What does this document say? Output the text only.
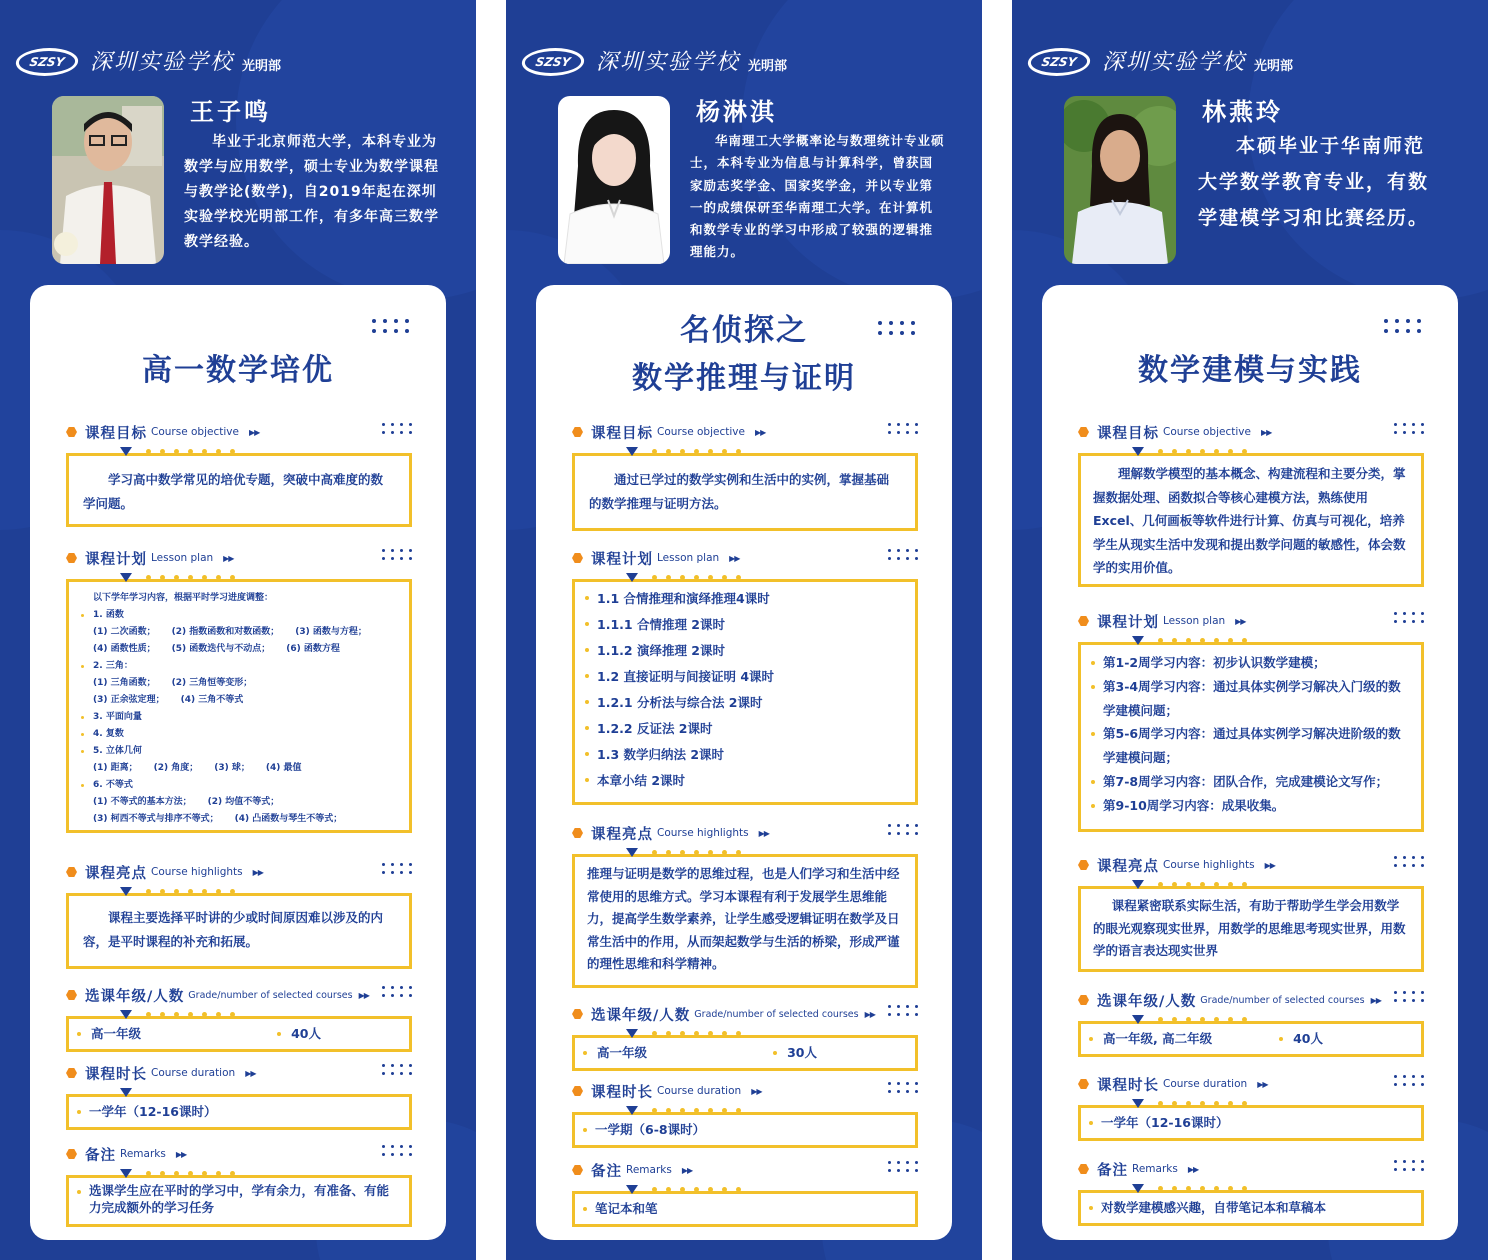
SZSY	深圳实验学校 光明部
王子鸣
毕业于北京师范大学，本科专业为数学与应用数学，硕士专业为数学课程与教学论(数学)，自2019年起在深圳实验学校光明部工作，有多年高三数学教学经验。
高一数学培优
课程目标 Course objective ▶▶

学习高中数学常见的培优专题，突破中高难度的数学问题。

课程计划 Lesson plan ▶▶
以下学年学习内容，根据平时学习进度调整：
1. 函数
(1) 二次函数； (2) 指数函数和对数函数； (3) 函数与方程；
(4) 函数性质； (5) 函数迭代与不动点； (6) 函数方程
2. 三角：
(1) 三角函数； (2) 三角恒等变形；
(3) 正余弦定理； (4) 三角不等式
3. 平面向量
4. 复数
5. 立体几何
(1) 距离； (2) 角度； (3) 球； (4) 最值
6. 不等式
(1) 不等式的基本方法； (2) 均值不等式；
(3) 柯西不等式与排序不等式； (4) 凸函数与琴生不等式；
课程亮点 Course highlights ▶▶

课程主要选择平时讲的少或时间原因难以涉及的内容，是平时课程的补充和拓展。

选课年级/人数 Grade/number of selected courses ▶▶
高一年级	40人
课程时长 Course duration ▶▶
一学年（12-16课时）
备注 Remarks ▶▶
选课学生应在平时的学习中，学有余力，有准备、有能力完成额外的学习任务
SZSY	深圳实验学校 光明部
杨淋淇
华南理工大学概率论与数理统计专业硕士，本科专业为信息与计算科学，曾获国家励志奖学金、国家奖学金，并以专业第一的成绩保研至华南理工大学。在计算机和数学专业的学习中形成了较强的逻辑推理能力。
名侦探之
数学推理与证明
课程目标 Course objective ▶▶

通过已学过的数学实例和生活中的实例，掌握基础的数学推理与证明方法。

课程计划 Lesson plan ▶▶
1.1 合情推理和演绎推理4课时
1.1.1 合情推理 2课时
1.1.2 演绎推理 2课时
1.2 直接证明与间接证明 4课时
1.2.1 分析法与综合法 2课时
1.2.2 反证法 2课时
1.3 数学归纳法 2课时
本章小结 2课时
课程亮点 Course highlights ▶▶

推理与证明是数学的思维过程，也是人们学习和生活中经常使用的思维方式。学习本课程有利于发展学生思维能力，提高学生数学素养，让学生感受逻辑证明在数学及日常生活中的作用，从而架起数学与生活的桥梁，形成严谨的理性思维和科学精神。

选课年级/人数 Grade/number of selected courses ▶▶
高一年级	30人
课程时长 Course duration ▶▶
一学期（6-8课时）
备注 Remarks ▶▶
笔记本和笔
SZSY	深圳实验学校 光明部
林燕玲
本硕毕业于华南师范大学数学教育专业，有数学建模学习和比赛经历。
数学建模与实践
课程目标 Course objective ▶▶

理解数学模型的基本概念、构建流程和主要分类，掌握数据处理、函数拟合等核心建模方法，熟练使用Excel、几何画板等软件进行计算、仿真与可视化，培养学生从现实生活中发现和提出数学问题的敏感性，体会数学的实用价值。

课程计划 Lesson plan ▶▶
第1-2周学习内容：初步认识数学建模；
第3-4周学习内容：通过具体实例学习解决入门级的数学建模问题；
第5-6周学习内容：通过具体实例学习解决进阶级的数学建模问题；
第7-8周学习内容：团队合作，完成建模论文写作；
第9-10周学习内容：成果收集。
课程亮点 Course highlights ▶▶

课程紧密联系实际生活，有助于帮助学生学会用数学的眼光观察现实世界，用数学的思维思考现实世界，用数学的语言表达现实世界

选课年级/人数 Grade/number of selected courses ▶▶
高一年级, 高二年级	40人
课程时长 Course duration ▶▶
一学年（12-16课时）
备注 Remarks ▶▶
对数学建模感兴趣，自带笔记本和草稿本
